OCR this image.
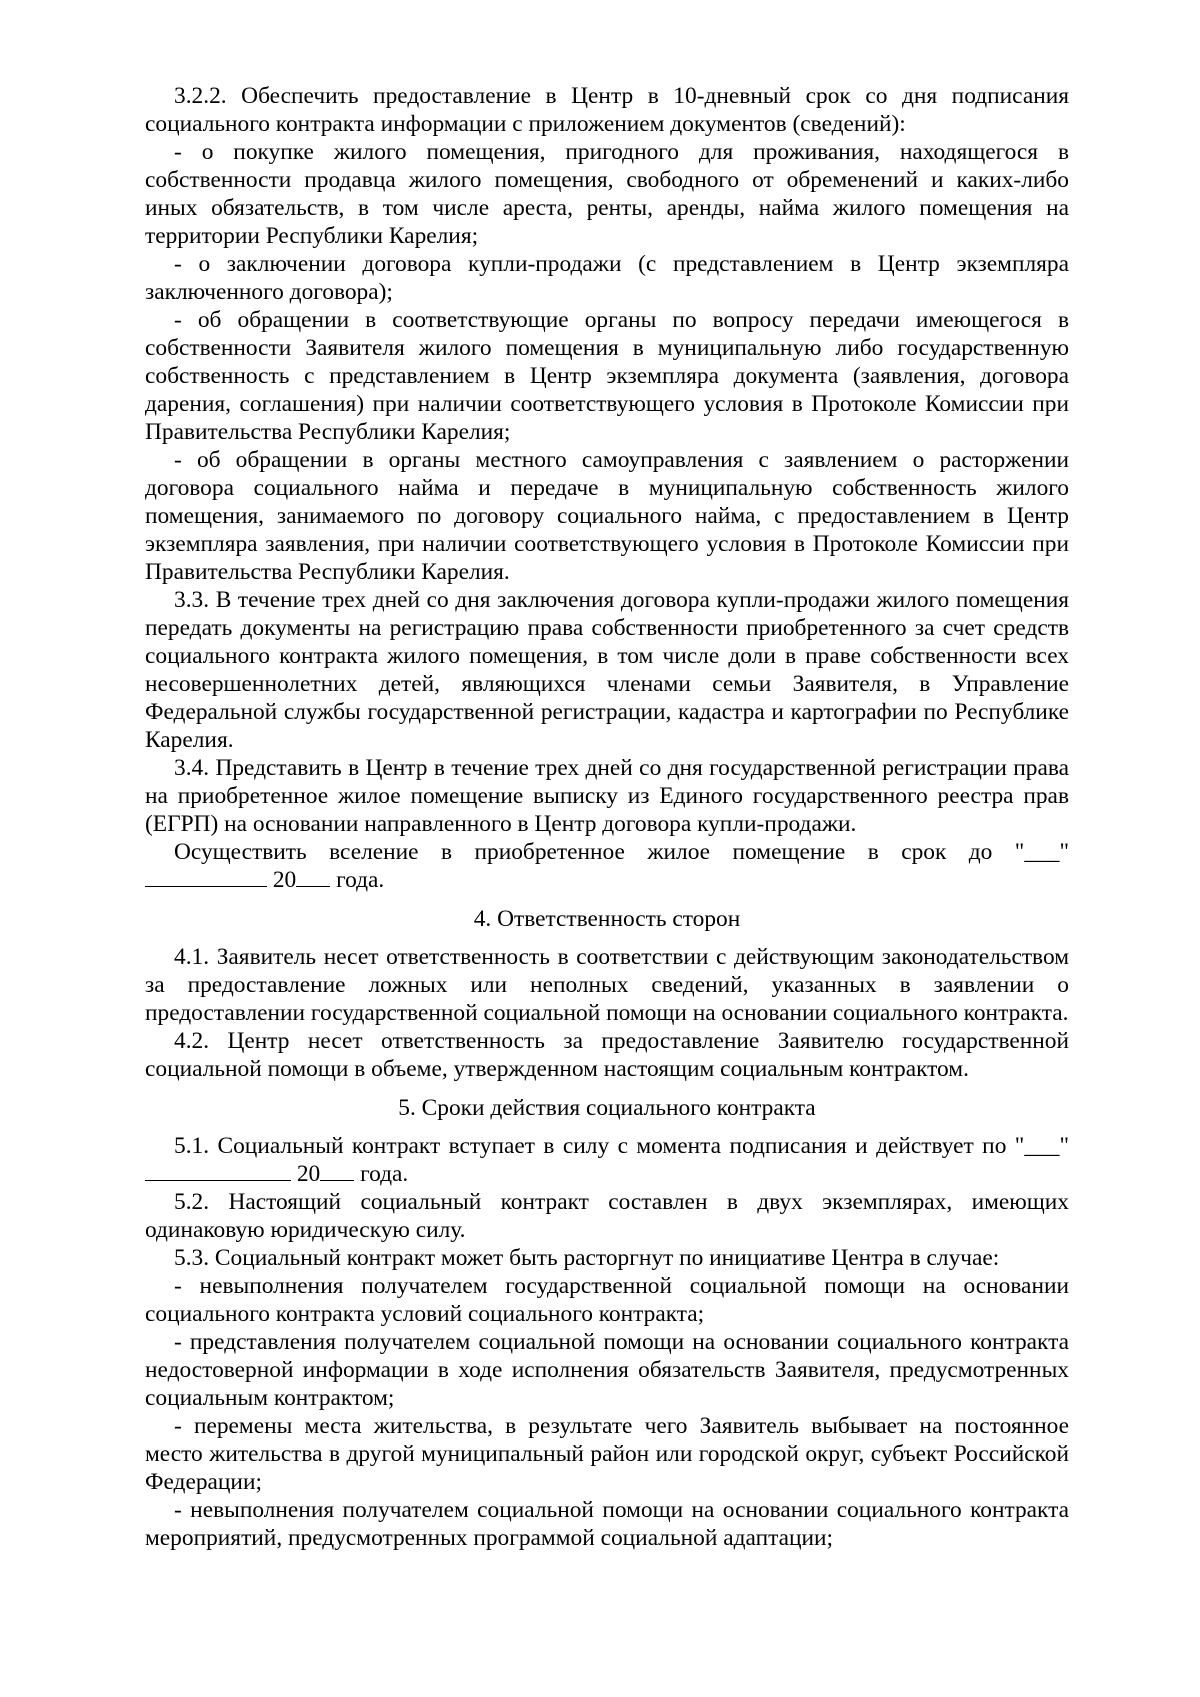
3.2.2. Обеспечить предоставление в Центр в 10-дневный срок со дня подписания социального контракта информации с приложением документов (сведений):

- о покупке жилого помещения, пригодного для проживания, находящегося в собственности продавца жилого помещения, свободного от обременений и каких-либо иных обязательств, в том числе ареста, ренты, аренды, найма жилого помещения на территории Республики Карелия;

- о заключении договора купли-продажи (с представлением в Центр экземпляра заключенного договора);

- об обращении в соответствующие органы по вопросу передачи имеющегося в собственности Заявителя жилого помещения в муниципальную либо государственную собственность с представлением в Центр экземпляра документа (заявления, договора дарения, соглашения) при наличии соответствующего условия в Протоколе Комиссии при Правительства Республики Карелия;

- об обращении в органы местного самоуправления с заявлением о расторжении договора социального найма и передаче в муниципальную собственность жилого помещения, занимаемого по договору социального найма, с предоставлением в Центр экземпляра заявления, при наличии соответствующего условия в Протоколе Комиссии при Правительства Республики Карелия.

3.3. В течение трех дней со дня заключения договора купли-продажи жилого помещения передать документы на регистрацию права собственности приобретенного за счет средств социального контракта жилого помещения, в том числе доли в праве собственности всех несовершеннолетних детей, являющихся членами семьи Заявителя, в Управление Федеральной службы государственной регистрации, кадастра и картографии по Республике Карелия.

3.4. Представить в Центр в течение трех дней со дня государственной регистрации права на приобретенное жилое помещение выписку из Единого государственного реестра прав (ЕГРП) на основании направленного в Центр договора купли-продажи.

Осуществить вселение в приобретенное жилое помещение в срок до "___"

20 года.

4. Ответственность сторон

4.1. Заявитель несет ответственность в соответствии с действующим законодательством за предоставление ложных или неполных сведений, указанных в заявлении о предоставлении государственной социальной помощи на основании социального контракта.

4.2. Центр несет ответственность за предоставление Заявителю государственной социальной помощи в объеме, утвержденном настоящим социальным контрактом.

5. Сроки действия социального контракта

5.1. Социальный контракт вступает в силу с момента подписания и действует по "___"

20 года.

5.2. Настоящий социальный контракт составлен в двух экземплярах, имеющих одинаковую юридическую силу.

5.3. Социальный контракт может быть расторгнут по инициативе Центра в случае:

- невыполнения получателем государственной социальной помощи на основании социального контракта условий социального контракта;

- представления получателем социальной помощи на основании социального контракта недостоверной информации в ходе исполнения обязательств Заявителя, предусмотренных социальным контрактом;

- перемены места жительства, в результате чего Заявитель выбывает на постоянное место жительства в другой муниципальный район или городской округ, субъект Российской Федерации;

- невыполнения получателем социальной помощи на основании социального контракта мероприятий, предусмотренных программой социальной адаптации;
